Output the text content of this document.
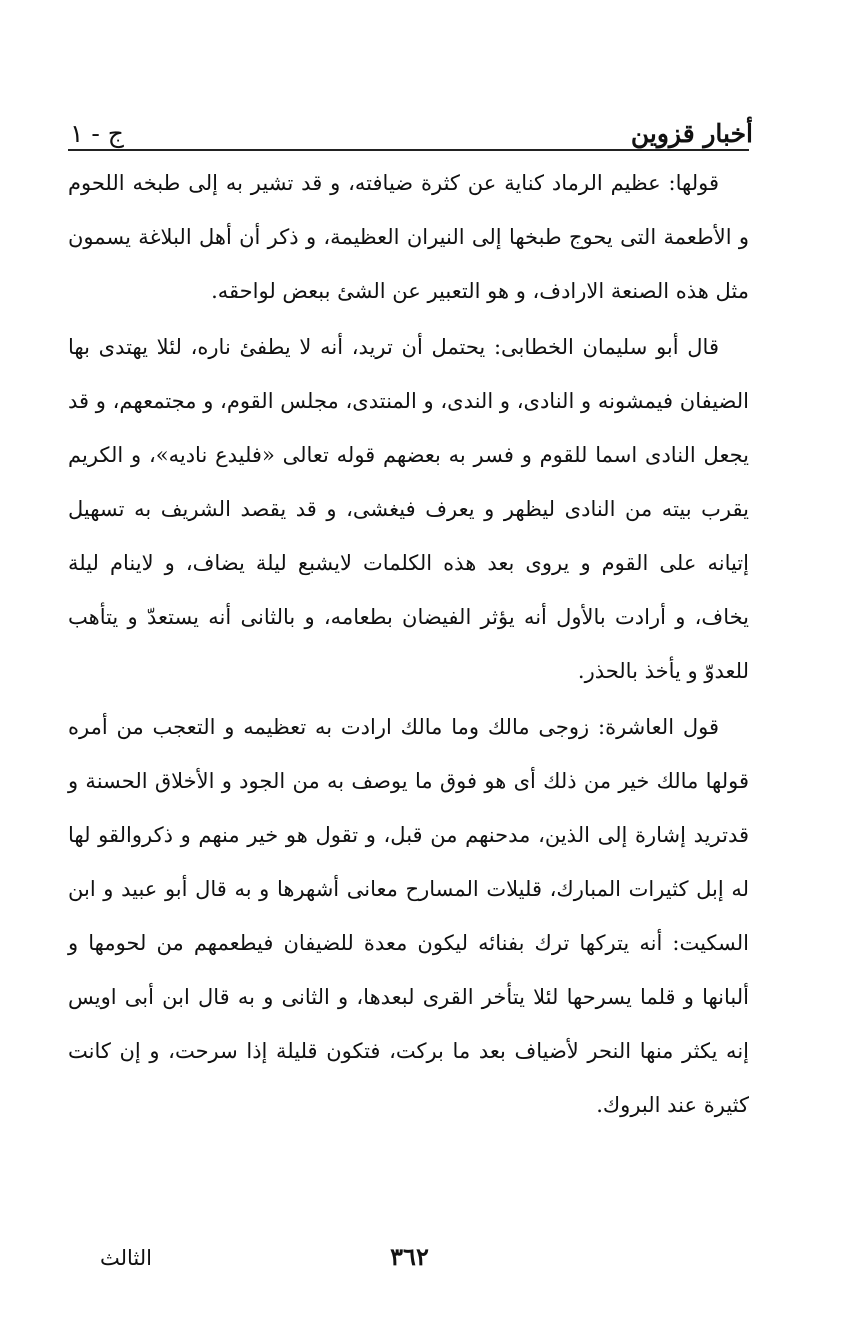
أخبار قزوين
ج - ١

قولها: عظيم الرماد كناية عن كثرة ضيافته، و قد تشير به إلى طبخه اللحوم و الأطعمة التى يحوج طبخها إلى النيران العظيمة، و ذكر أن أهل البلاغة يسمون مثل هذه الصنعة الارادف، و هو التعبير عن الشئ ببعض لواحقه.

قال أبو سليمان الخطابى: يحتمل أن تريد، أنه لا يطفئ ناره، لئلا يهتدى بها الضيفان فيمشونه و النادى، و الندى، و المنتدى، مجلس القوم، و مجتمعهم، و قد يجعل النادى اسما للقوم و فسر به بعضهم قوله تعالى «فليدع ناديه»، و الكريم يقرب بيته من النادى ليظهر و يعرف فيغشى، و قد يقصد الشريف به تسهيل إتيانه على القوم و يروى بعد هذه الكلمات لايشبع ليلة يضاف، و لاينام ليلة يخاف، و أرادت بالأول أنه يؤثر الفيضان بطعامه، و بالثانى أنه يستعدّ و يتأهب للعدوّ و يأخذ بالحذر.

قول العاشرة: زوجى مالك وما مالك ارادت به تعظيمه و التعجب من أمره قولها مالك خير من ذلك أى هو فوق ما يوصف به من الجود و الأخلاق الحسنة و قدتريد إشارة إلى الذين، مدحنهم من قبل، و تقول هو خير منهم و ذكروالقو لها له إبل كثيرات المبارك، قليلات المسارح معانى أشهرها و به قال أبو عبيد و ابن السكيت: أنه يتركها ترك بفنائه ليكون معدة للضيفان فيطعمهم من لحومها و ألبانها و قلما يسرحها لئلا يتأخر القرى لبعدها، و الثانى و به قال ابن أبى اويس إنه يكثر منها النحر لأضياف بعد ما بركت، فتكون قليلة إذا سرحت، و إن كانت كثيرة عند البروك.

٣٦٢
الثالث
